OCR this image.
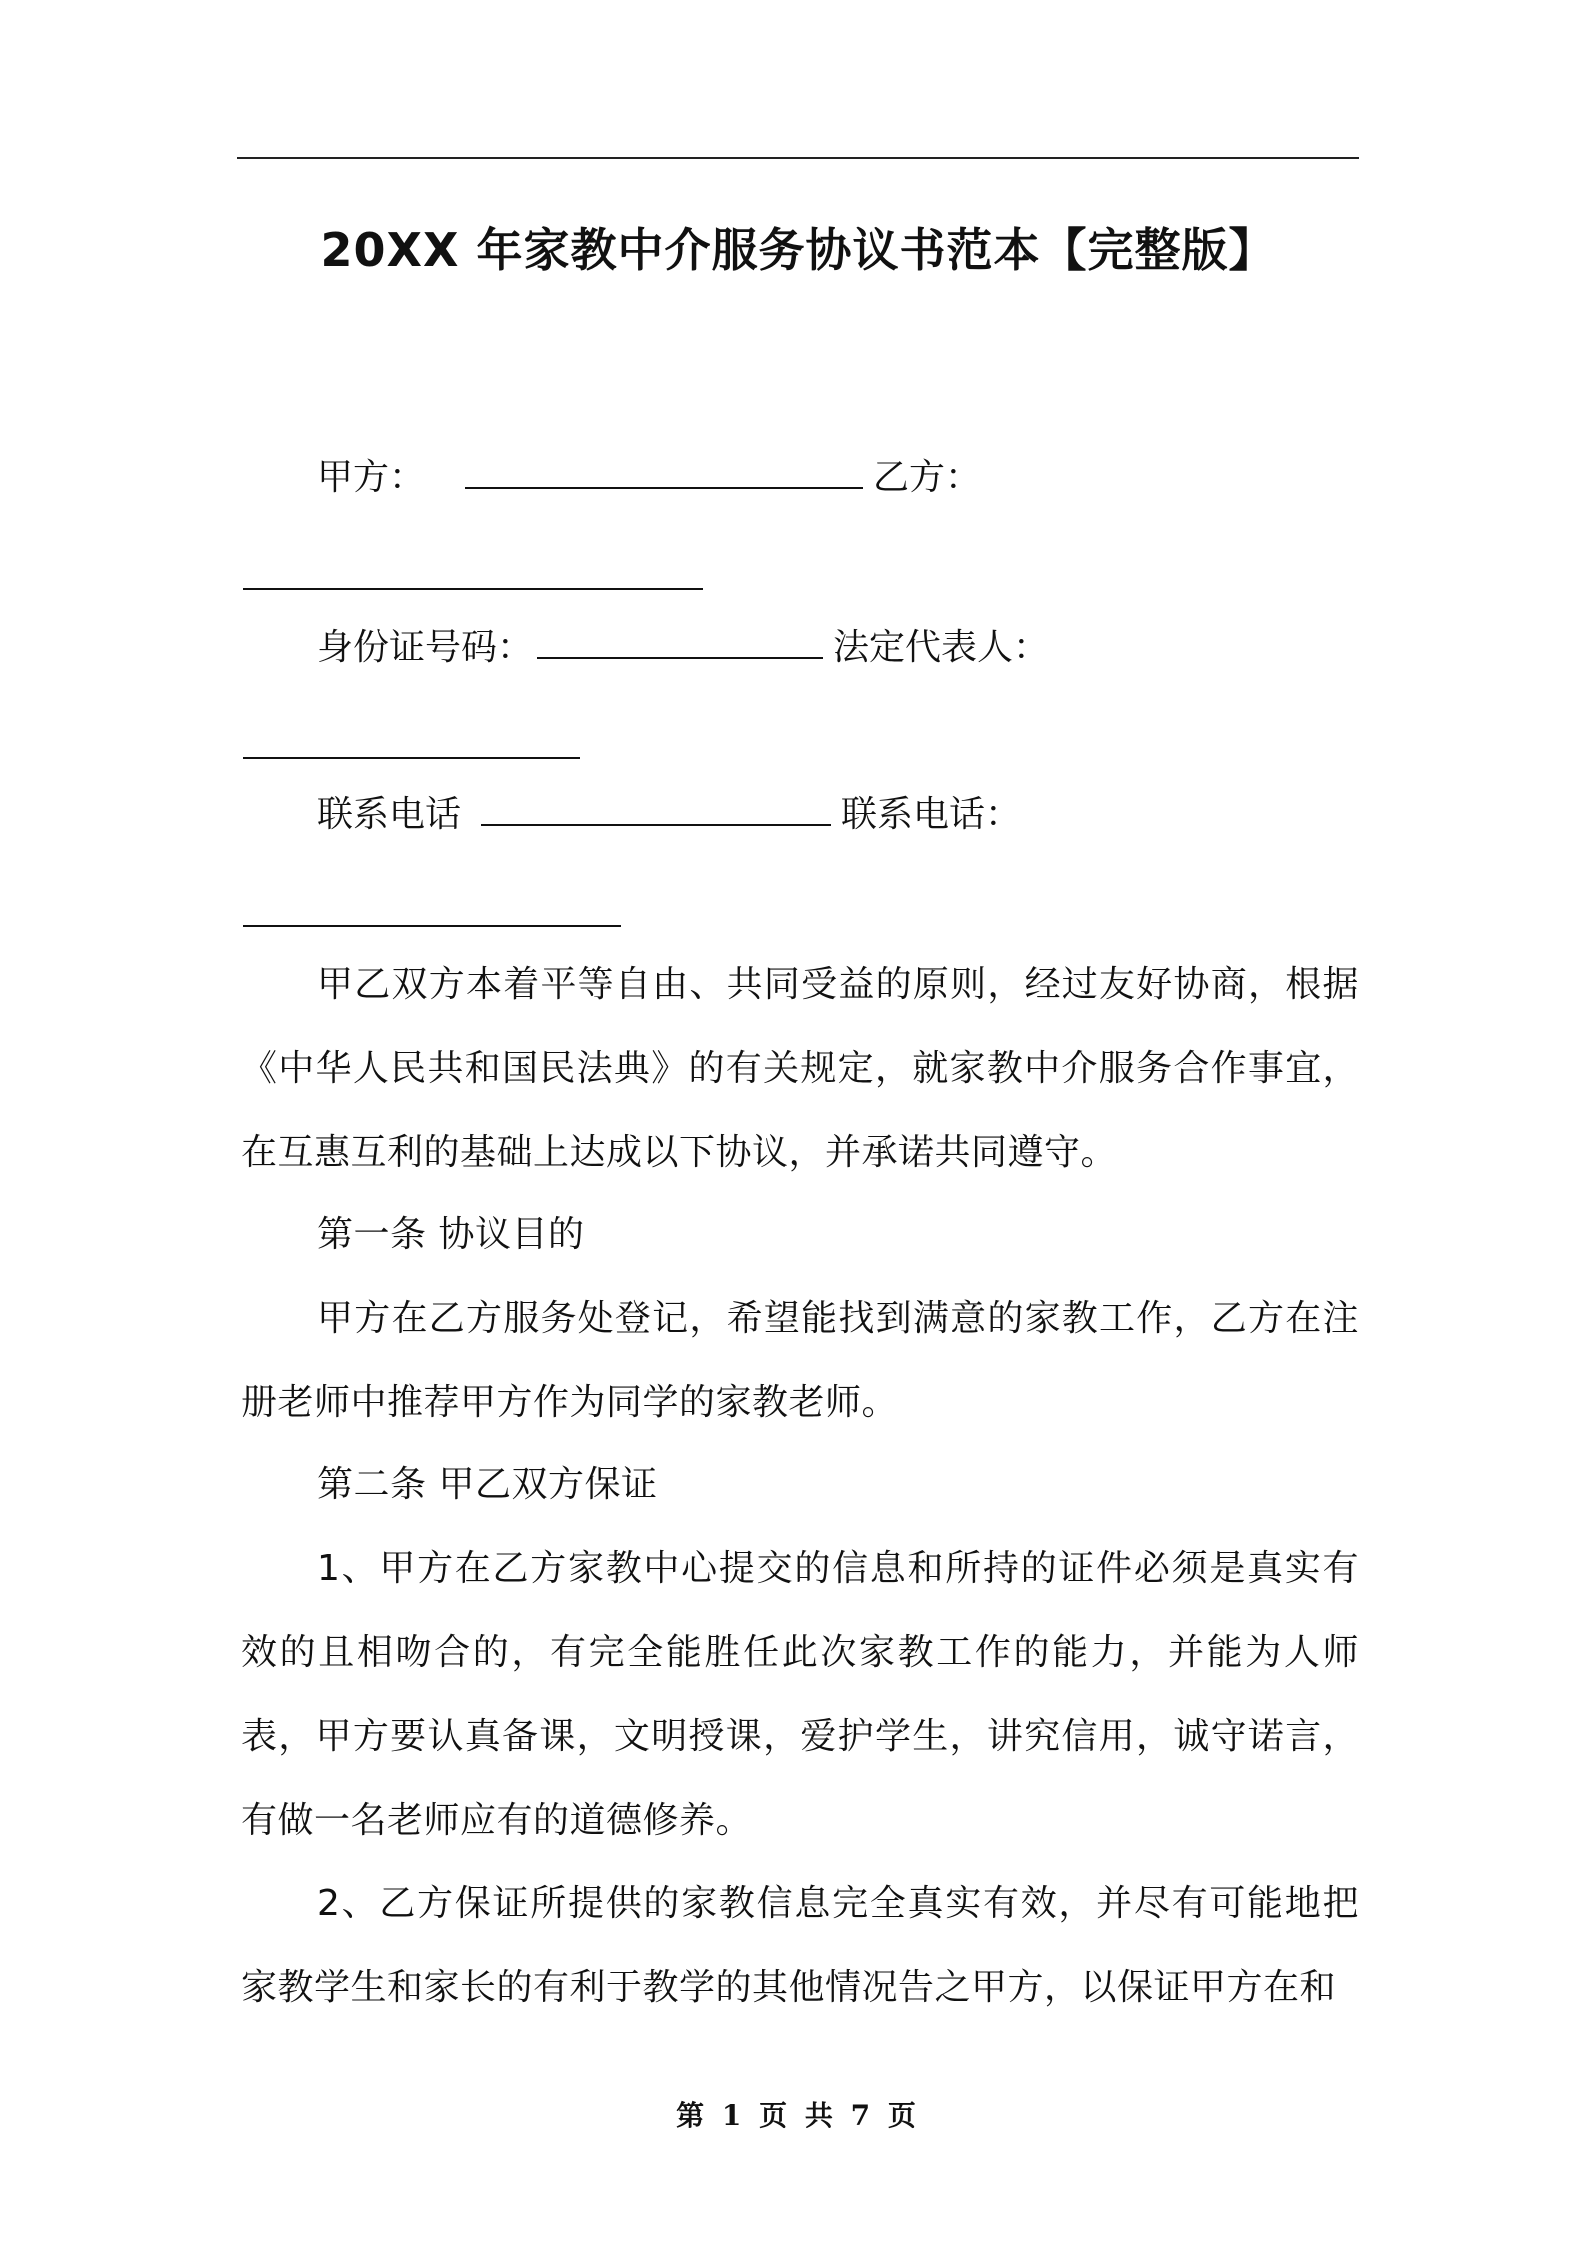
20XX 年家教中介服务协议书范本【完整版】
甲方：	乙方：
身份证号码：	法定代表人：
联系电话	联系电话：
甲乙双方本着平等自由、共同受益的原则，经过友好协商，根据《中华人民共和国民法典》的有关规定，就家教中介服务合作事宜，在互惠互利的基础上达成以下协议，并承诺共同遵守。
第一条 协议目的
甲方在乙方服务处登记，希望能找到满意的家教工作，乙方在注册老师中推荐甲方作为同学的家教老师。
第二条 甲乙双方保证
1、甲方在乙方家教中心提交的信息和所持的证件必须是真实有效的且相吻合的，有完全能胜任此次家教工作的能力，并能为人师表，甲方要认真备课，文明授课，爱护学生，讲究信用，诚守诺言，有做一名老师应有的道德修养。
2、乙方保证所提供的家教信息完全真实有效，并尽有可能地把家教学生和家长的有利于教学的其他情况告之甲方，以保证甲方在和
第 1 页 共 7 页
